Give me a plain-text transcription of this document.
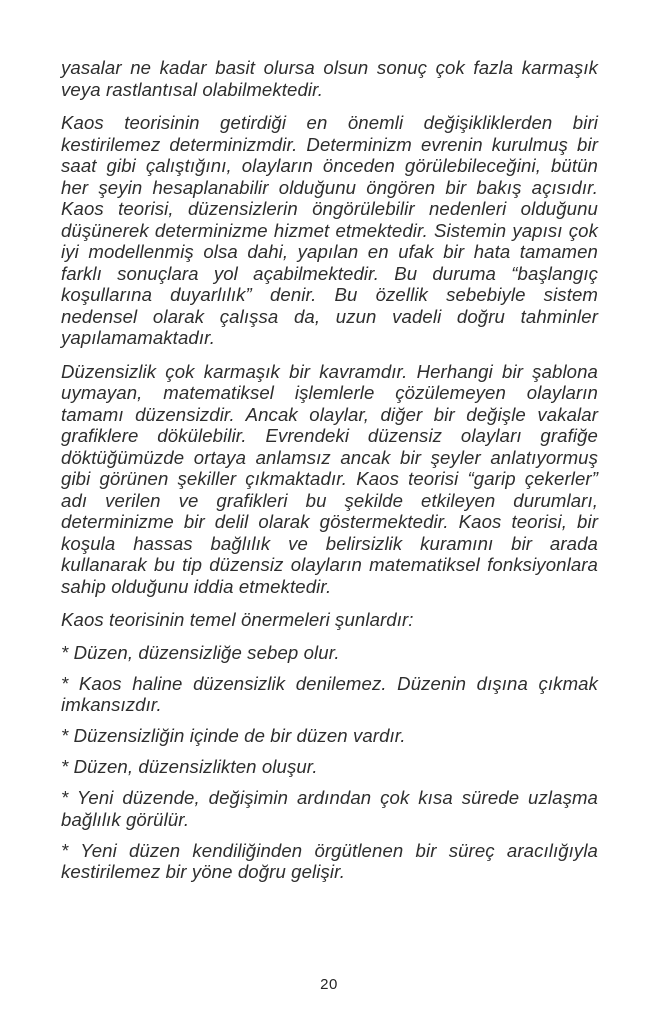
yasalar ne kadar basit olursa olsun sonuç çok fazla karmaşık veya rastlantısal olabilmektedir.

Kaos teorisinin getirdiği en önemli değişikliklerden biri kestirilemez determinizmdir. Determinizm evrenin kurulmuş bir saat gibi çalıştığını, olayların önceden görülebileceğini, bütün her şeyin hesaplanabilir olduğunu öngören bir bakış açısıdır. Kaos teorisi, düzensizlerin öngörülebilir nedenleri olduğunu düşünerek determinizme hizmet etmektedir. Sistemin yapısı çok iyi modellenmiş olsa dahi, yapılan en ufak bir hata tamamen farklı sonuçlara yol açabilmektedir. Bu duruma “başlangıç koşullarına duyarlılık” denir. Bu özellik sebebiyle sistem nedensel olarak çalışsa da, uzun vadeli doğru tahminler yapılamamaktadır.

Düzensizlik çok karmaşık bir kavramdır. Herhangi bir şablona uymayan, matematiksel işlemlerle çözülemeyen olayların tamamı düzensizdir. Ancak olaylar, diğer bir değişle vakalar grafiklere dökülebilir. Evrendeki düzensiz olayları grafiğe döktüğümüzde ortaya anlamsız ancak bir şeyler anlatıyormuş gibi görünen şekiller çıkmaktadır. Kaos teorisi “garip çekerler” adı verilen ve grafikleri bu şekilde etkileyen durumları, determinizme bir delil olarak göstermektedir. Kaos teorisi, bir koşula hassas bağlılık ve belirsizlik kuramını bir arada kullanarak bu tip düzensiz olayların matematiksel fonksiyonlara sahip olduğunu iddia etmektedir.

Kaos teorisinin temel önermeleri şunlardır:

* Düzen, düzensizliğe sebep olur.

* Kaos haline düzensizlik denilemez. Düzenin dışına çıkmak imkansızdır.

* Düzensizliğin içinde de bir düzen vardır.

* Düzen, düzensizlikten oluşur.

* Yeni düzende, değişimin ardından çok kısa sürede uzlaşma bağlılık görülür.

* Yeni düzen kendiliğinden örgütlenen bir süreç aracılığıyla kestirilemez bir yöne doğru gelişir.

20
